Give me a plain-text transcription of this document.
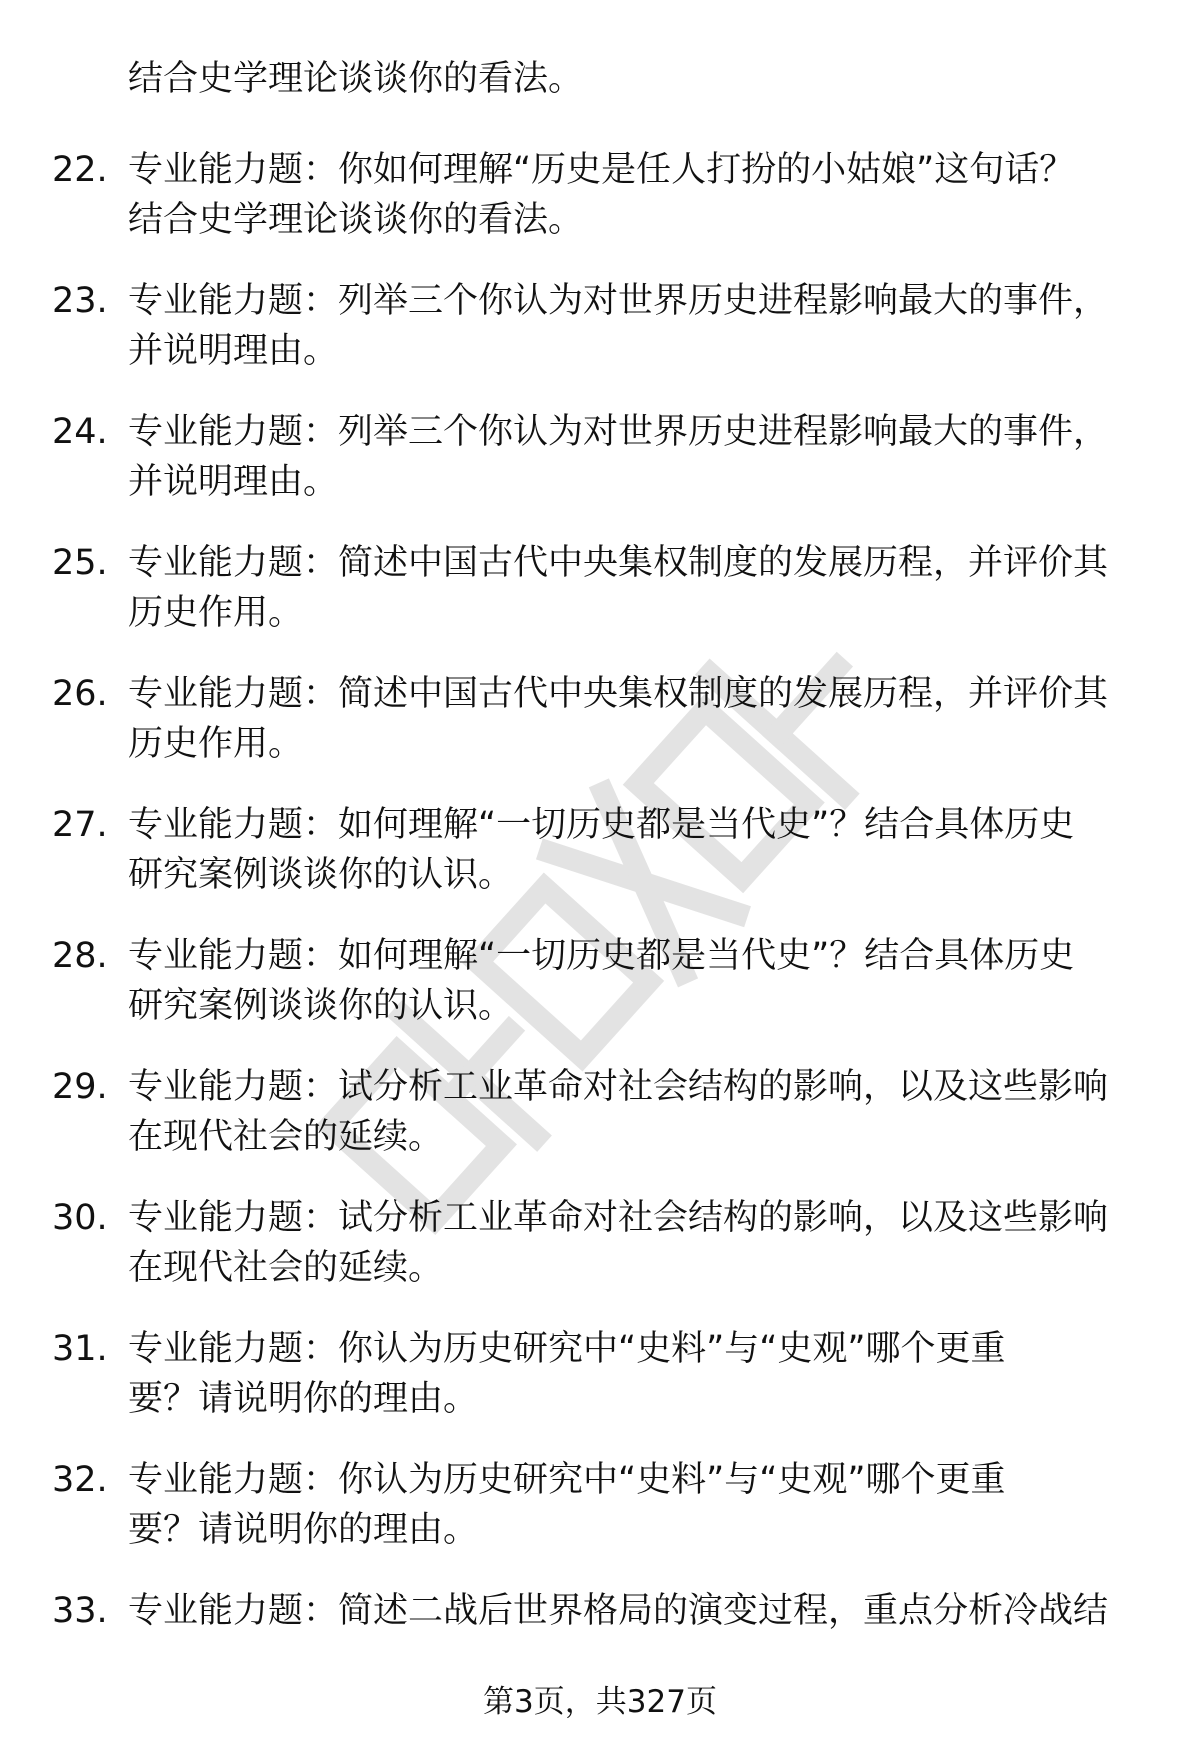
结合史学理论谈谈你的看法。
22. 专业能力题：你如何理解“历史是任人打扮的小姑娘”这句话？
结合史学理论谈谈你的看法。
23. 专业能力题：列举三个你认为对世界历史进程影响最大的事件，
并说明理由。
24. 专业能力题：列举三个你认为对世界历史进程影响最大的事件，
并说明理由。
25. 专业能力题：简述中国古代中央集权制度的发展历程，并评价其
历史作用。
26. 专业能力题：简述中国古代中央集权制度的发展历程，并评价其
历史作用。
27. 专业能力题：如何理解“一切历史都是当代史”？结合具体历史
研究案例谈谈你的认识。
28. 专业能力题：如何理解“一切历史都是当代史”？结合具体历史
研究案例谈谈你的认识。
29. 专业能力题：试分析工业革命对社会结构的影响，以及这些影响
在现代社会的延续。
30. 专业能力题：试分析工业革命对社会结构的影响，以及这些影响
在现代社会的延续。
31. 专业能力题：你认为历史研究中“史料”与“史观”哪个更重
要？请说明你的理由。
32. 专业能力题：你认为历史研究中“史料”与“史观”哪个更重
要？请说明你的理由。
33. 专业能力题：简述二战后世界格局的演变过程，重点分析冷战结
第3页，共327页
